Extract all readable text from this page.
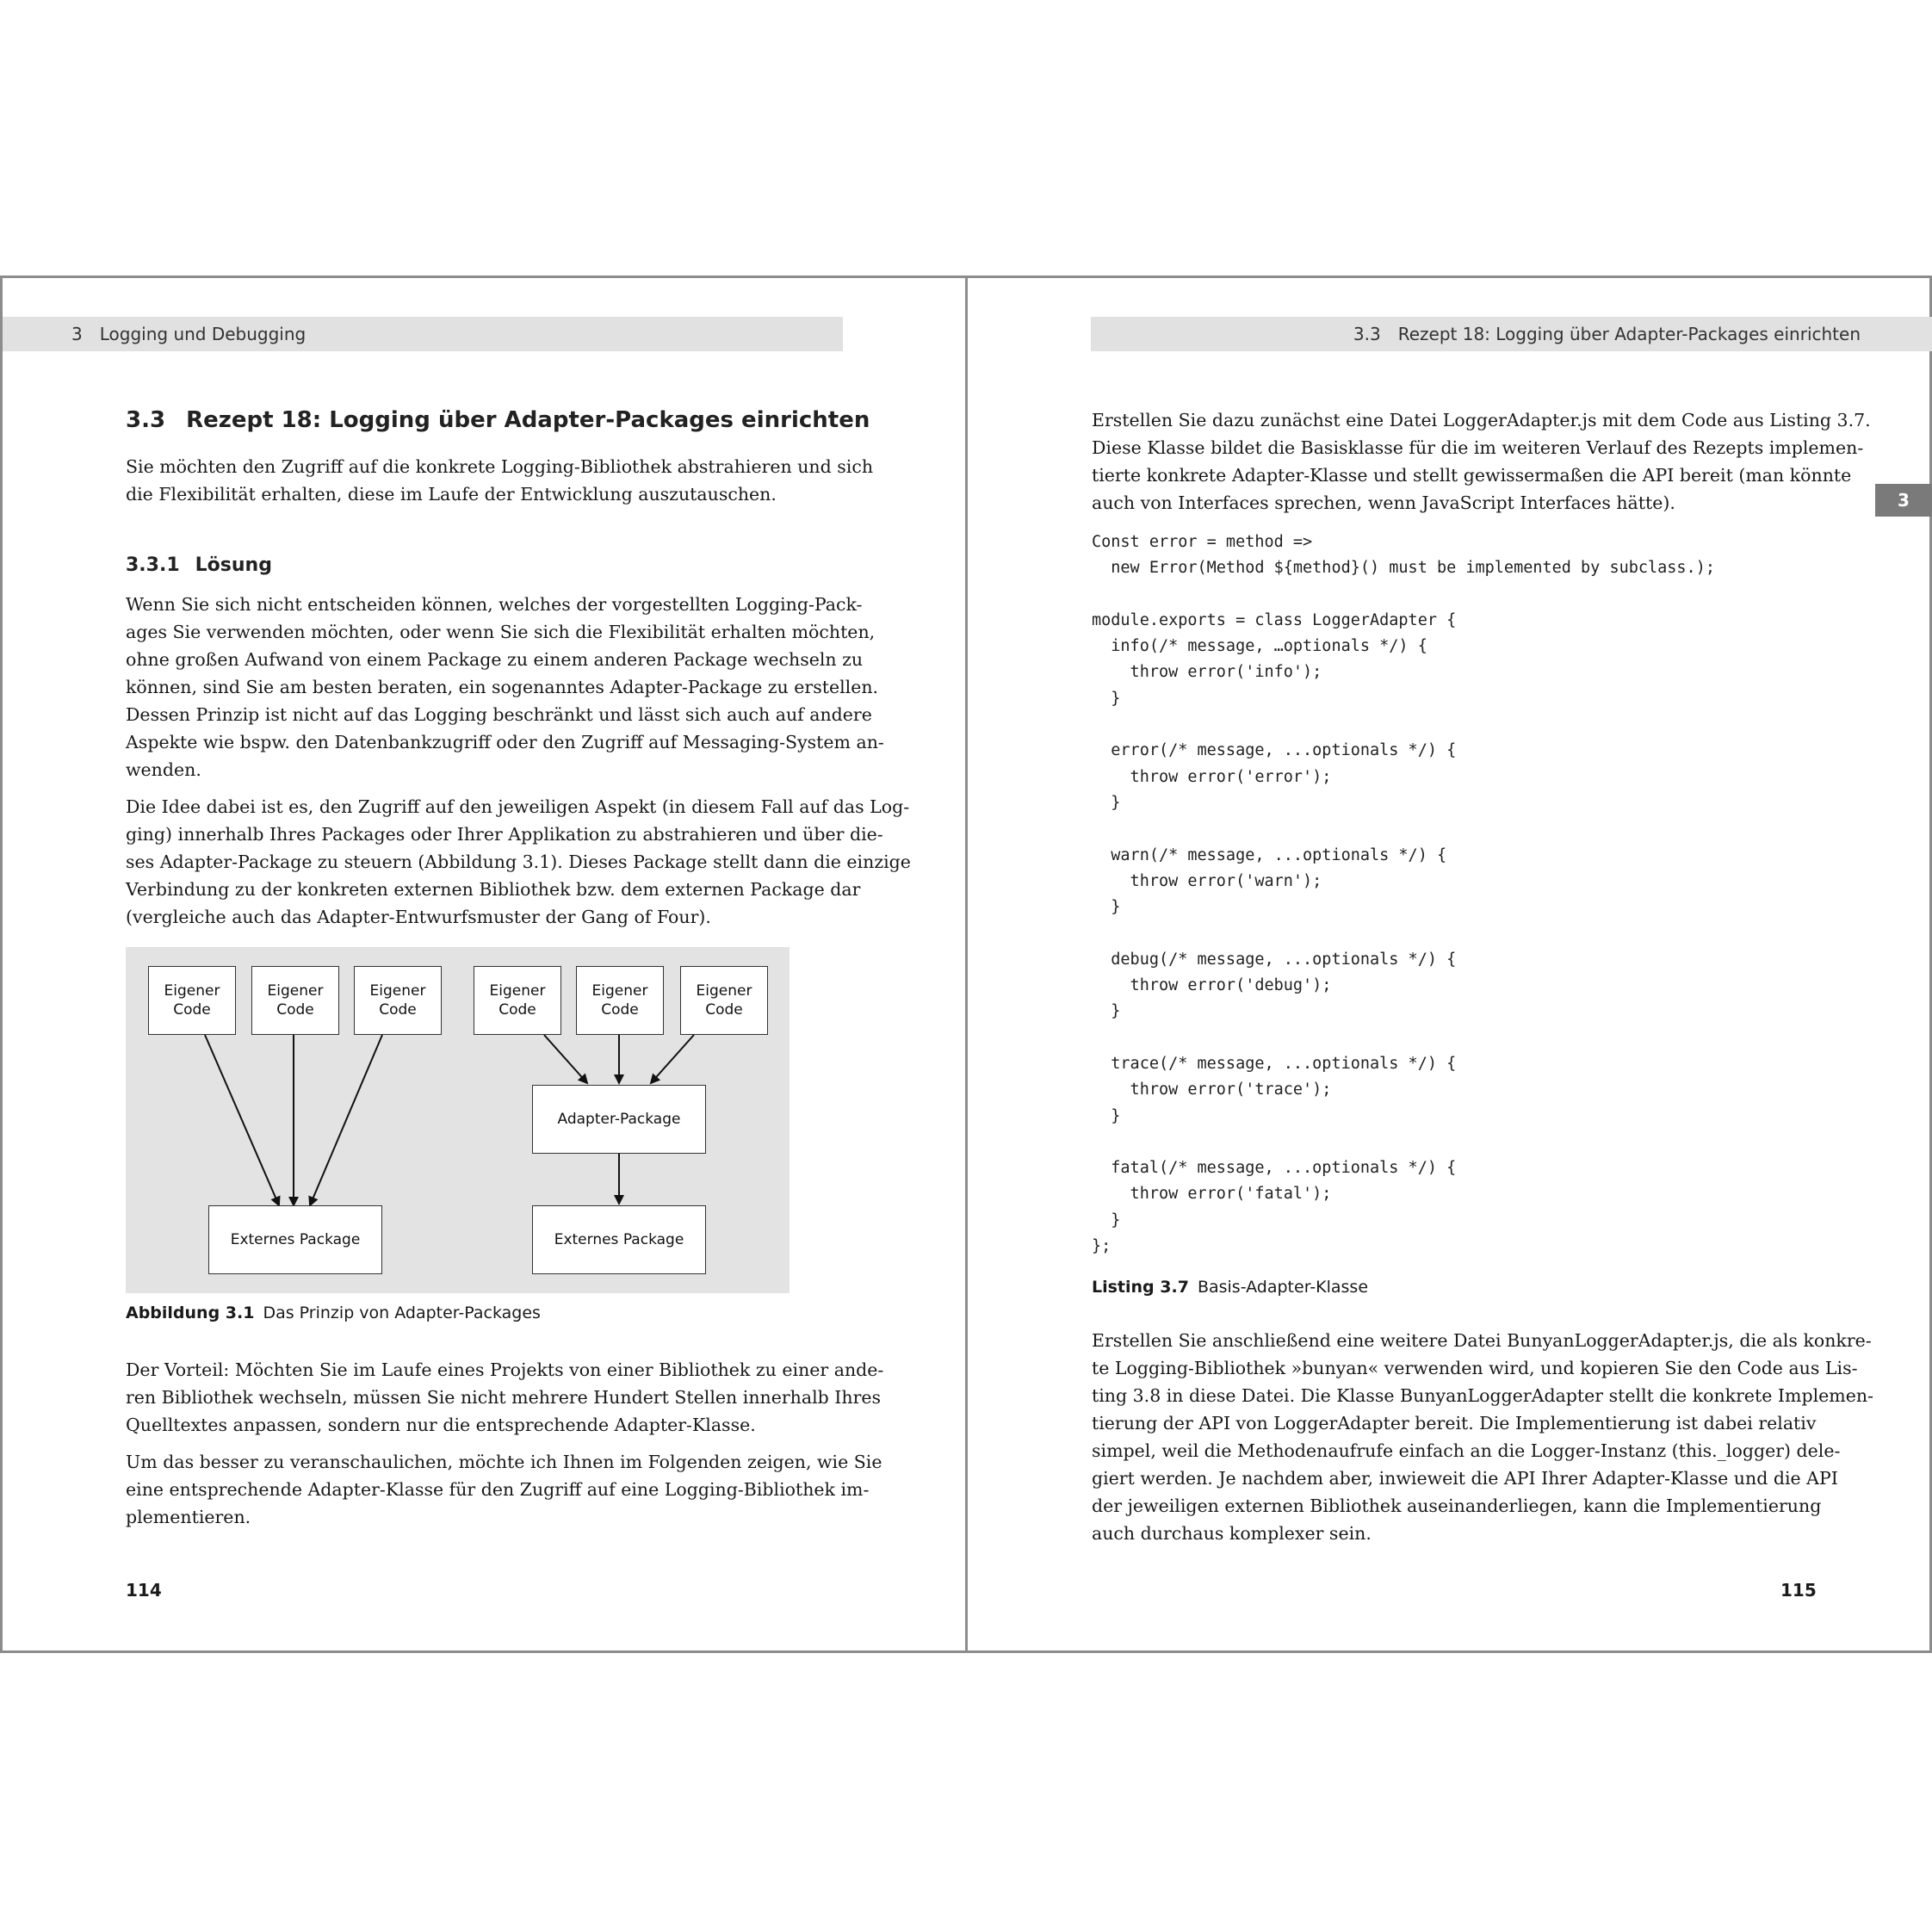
3 Logging und Debugging
3.3 Rezept 18: Logging über Adapter-Packages einrichten

Sie möchten den Zugriff auf die konkrete Logging-Bibliothek abstrahieren und sich
die Flexibilität erhalten, diese im Laufe der Entwicklung auszutauschen.

3.3.1 Lösung

Wenn Sie sich nicht entscheiden können, welches der vorgestellten Logging-Pack-
ages Sie verwenden möchten, oder wenn Sie sich die Flexibilität erhalten möchten,
ohne großen Aufwand von einem Package zu einem anderen Package wechseln zu
können, sind Sie am besten beraten, ein sogenanntes Adapter-Package zu erstellen.
Dessen Prinzip ist nicht auf das Logging beschränkt und lässt sich auch auf andere
Aspekte wie bspw. den Datenbankzugriff oder den Zugriff auf Messaging-System an-
wenden.

Die Idee dabei ist es, den Zugriff auf den jeweiligen Aspekt (in diesem Fall auf das Log-
ging) innerhalb Ihres Packages oder Ihrer Applikation zu abstrahieren und über die-
ses Adapter-Package zu steuern (Abbildung 3.1). Dieses Package stellt dann die einzige
Verbindung zu der konkreten externen Bibliothek bzw. dem externen Package dar
(vergleiche auch das Adapter-Entwurfsmuster der Gang of Four).

Eigener Code
Eigener Code
Eigener Code
Eigener Code
Eigener Code
Eigener Code
Adapter-Package
Externes Package	Externes Package
Abbildung 3.1 Das Prinzip von Adapter-Packages

Der Vorteil: Möchten Sie im Laufe eines Projekts von einer Bibliothek zu einer ande-
ren Bibliothek wechseln, müssen Sie nicht mehrere Hundert Stellen innerhalb Ihres
Quelltextes anpassen, sondern nur die entsprechende Adapter-Klasse.

Um das besser zu veranschaulichen, möchte ich Ihnen im Folgenden zeigen, wie Sie
eine entsprechende Adapter-Klasse für den Zugriff auf eine Logging-Bibliothek im-
plementieren.

114
3.3 Rezept 18: Logging über Adapter-Packages einrichten
3

Erstellen Sie dazu zunächst eine Datei LoggerAdapter.js mit dem Code aus Listing 3.7.
Diese Klasse bildet die Basisklasse für die im weiteren Verlauf des Rezepts implemen-
tierte konkrete Adapter-Klasse und stellt gewissermaßen die API bereit (man könnte
auch von Interfaces sprechen, wenn JavaScript Interfaces hätte).

Const error = method =>
new Error(Method ${method}() must be implemented by subclass.);
module.exports = class LoggerAdapter {
info(/* message, …optionals */) {
throw error('info');
}
error(/* message, ...optionals */) {
throw error('error');
}
warn(/* message, ...optionals */) {
throw error('warn');
}
debug(/* message, ...optionals */) {
throw error('debug');
}
trace(/* message, ...optionals */) {
throw error('trace');
}
fatal(/* message, ...optionals */) {
throw error('fatal');
}
};
Listing 3.7 Basis-Adapter-Klasse

Erstellen Sie anschließend eine weitere Datei BunyanLoggerAdapter.js, die als konkre-
te Logging-Bibliothek »bunyan« verwenden wird, und kopieren Sie den Code aus Lis-
ting 3.8 in diese Datei. Die Klasse BunyanLoggerAdapter stellt die konkrete Implemen-
tierung der API von LoggerAdapter bereit. Die Implementierung ist dabei relativ
simpel, weil die Methodenaufrufe einfach an die Logger-Instanz (this._logger) dele-
giert werden. Je nachdem aber, inwieweit die API Ihrer Adapter-Klasse und die API
der jeweiligen externen Bibliothek auseinanderliegen, kann die Implementierung
auch durchaus komplexer sein.

115
